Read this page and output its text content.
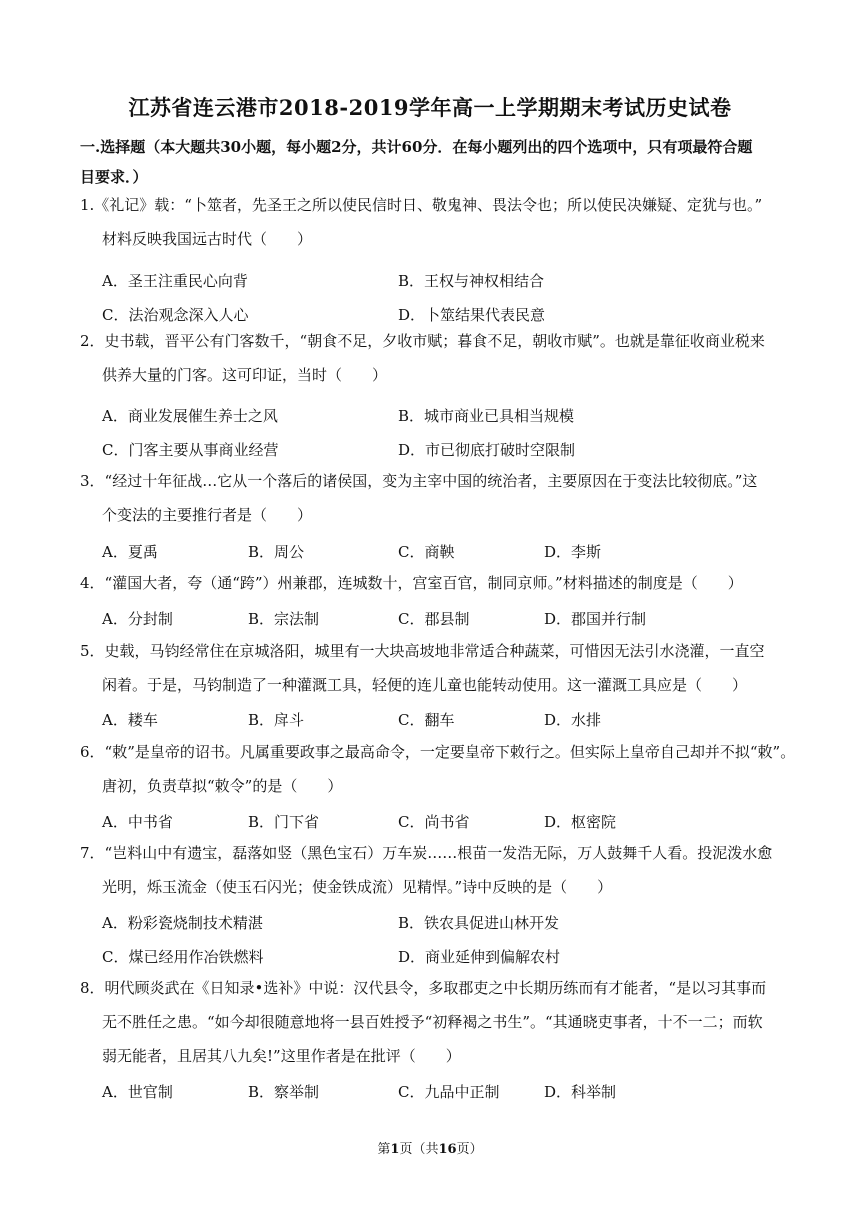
江苏省连云港市2018-2019学年高一上学期期末考试历史试卷
一.选择题（本大题共30小题，每小题2分，共计60分．在每小题列出的四个选项中，只有项最符合题
目要求．）
1.《礼记》载：“卜筮者，先圣王之所以使民信时日、敬鬼神、畏法令也；所以使民决嫌疑、定犹与也。”
材料反映我国远古时代（　　）
A．圣王注重民心向背	B．王权与神权相结合
C．法治观念深入人心	D．卜筮结果代表民意
2．史书载，晋平公有门客数千，“朝食不足，夕收市赋；暮食不足，朝收市赋”。也就是靠征收商业税来
供养大量的门客。这可印证，当时（　　）
A．商业发展催生养士之风	B．城市商业已具相当规模
C．门客主要从事商业经营	D．市已彻底打破时空限制
3．“经过十年征战…它从一个落后的诸侯国，变为主宰中国的统治者，主要原因在于变法比较彻底。”这
个变法的主要推行者是（　　）
A．夏禹	B．周公	C．商鞅	D．李斯
4．“灌国大者，夸（通“跨”）州兼郡，连城数十，宫室百官，制同京师。”材料描述的制度是（　　）
A．分封制	B．宗法制	C．郡县制	D．郡国并行制
5．史载，马钧经常住在京城洛阳，城里有一大块高坡地非常适合种蔬菜，可惜因无法引水浇灌，一直空
闲着。于是，马钧制造了一种灌溉工具，轻便的连儿童也能转动使用。这一灌溉工具应是（　　）
A．耧车	B．戽斗	C．翻车	D．水排
6．“敕”是皇帝的诏书。凡属重要政事之最高命令，一定要皇帝下敕行之。但实际上皇帝自己却并不拟“敕”。
唐初，负责草拟“敕令”的是（　　）
A．中书省	B．门下省	C．尚书省	D．枢密院
7．“岂料山中有遗宝，磊落如竖（黑色宝石）万车炭……根苗一发浩无际，万人鼓舞千人看。投泥泼水愈
光明，烁玉流金（使玉石闪光；使金铁成流）见精悍。”诗中反映的是（　　）
A．粉彩瓷烧制技术精湛	B．铁农具促进山林开发
C．煤已经用作冶铁燃料	D．商业延伸到偏解农村
8．明代顾炎武在《日知录•选补》中说：汉代县令，多取郡吏之中长期历练而有才能者，“是以习其事而
无不胜任之患。“如今却很随意地将一县百姓授予“初释褐之书生”。“其通晓吏事者，十不一二；而软
弱无能者，且居其八九矣!”这里作者是在批评（　　）
A．世官制	B．察举制	C．九品中正制	D．科举制
第1页（共16页）
